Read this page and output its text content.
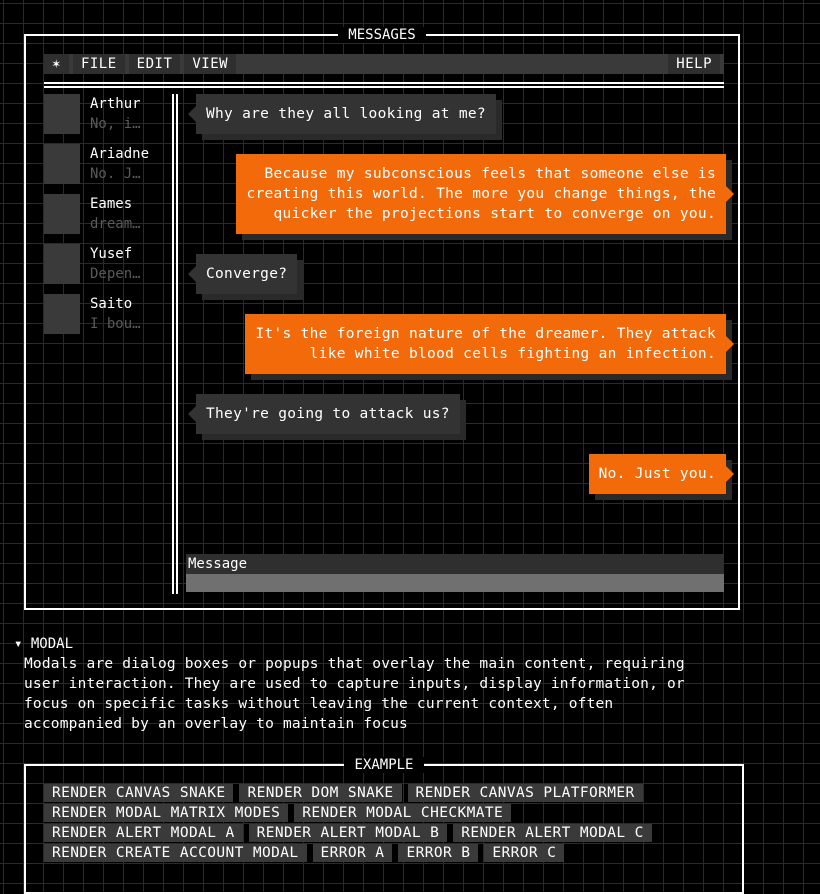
MESSAGES
✶	FILE	EDIT	VIEW	HELP
Arthur
No, i…
Ariadne
No. J…
Eames
dream…
Yusef
Depen…
Saito
I bou…
Why are they all looking at me?
Because my subconscious feels that someone else is
creating this world. The more you change things, the
quicker the projections start to converge on you.
Converge?
It's the foreign nature of the dreamer. They attack
like white blood cells fighting an infection.
They're going to attack us?
No. Just you.
Message
▾ MODAL
Modals are dialog boxes or popups that overlay the main content, requiring
user interaction. They are used to capture inputs, display information, or
focus on specific tasks without leaving the current context, often
accompanied by an overlay to maintain focus
EXAMPLE
RENDER CANVAS SNAKE	RENDER DOM SNAKE	RENDER CANVAS PLATFORMER
RENDER MODAL MATRIX MODES	RENDER MODAL CHECKMATE
RENDER ALERT MODAL A	RENDER ALERT MODAL B	RENDER ALERT MODAL C
RENDER CREATE ACCOUNT MODAL	ERROR A	ERROR B	ERROR C
